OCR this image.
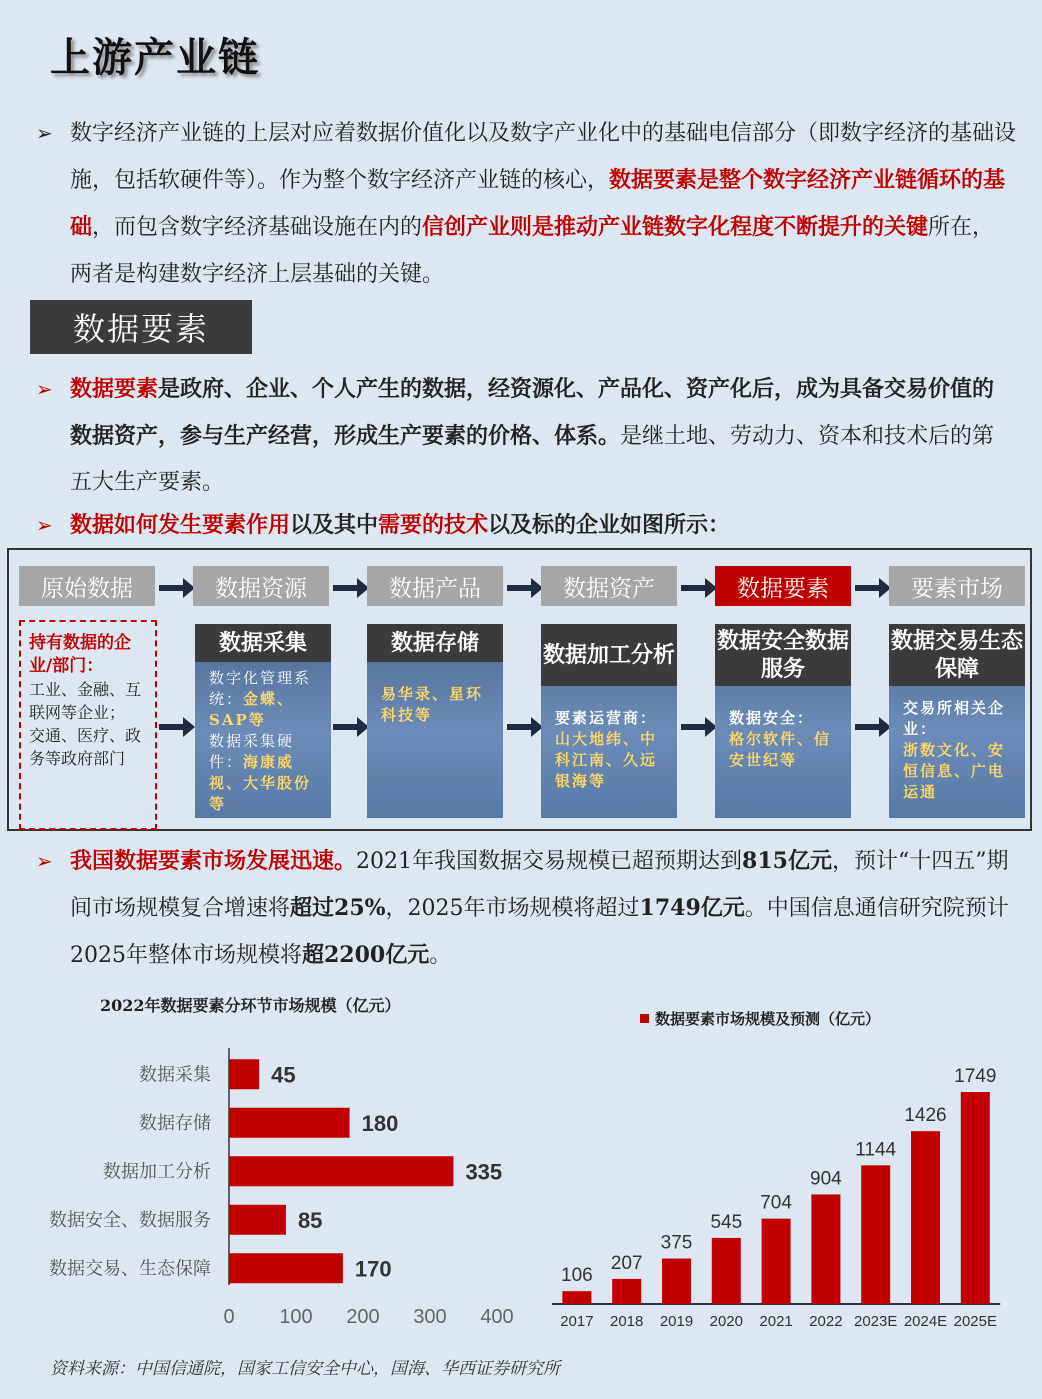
上游产业链
➢ 数字经济产业链的上层对应着数据价值化以及数字产业化中的基础电信部分（即数字经济的基础设施，包括软硬件等）。作为整个数字经济产业链的核心，数据要素是整个数字经济产业链循环的基础，而包含数字经济基础设施在内的信创产业则是推动产业链数字化程度不断提升的关键所在，两者是构建数字经济上层基础的关键。
数据要素
➢ 数据要素是政府、企业、个人产生的数据，经资源化、产品化、资产化后，成为具备交易价值的数据资产，参与生产经营，形成生产要素的价格、体系。是继土地、劳动力、资本和技术后的第五大生产要素。
➢ 数据如何发生要素作用以及其中需要的技术以及标的企业如图所示：
原始数据	数据资源	数据产品	数据资产	数据要素	要素市场
持有数据的企业/部门：
工业、金融、互联网等企业；
交通、医疗、政务等政府部门
数据采集
数字化管理系统：金蝶、SAP等
数据采集硬件：海康威视、大华股份等
数据存储
易华录、星环科技等
数据加工分析
要素运营商：
山大地纬、中科江南、久远银海等
数据安全数据服务
数据安全：
格尔软件、信安世纪等
数据交易生态保障
交易所相关企业：
浙数文化、安恒信息、广电运通
➢ 我国数据要素市场发展迅速。2021年我国数据交易规模已超预期达到815亿元，预计“十四五”期间市场规模复合增速将超过25%，2025年市场规模将超过1749亿元。中国信息通信研究院预计2025年整体市场规模将超2200亿元。
2022年数据要素分环节市场规模（亿元）
数据采集	45
数据存储	180
数据加工分析	335
数据安全、数据服务	85
数据交易、生态保障	170
0 100 200 300 400
数据要素市场规模及预测（亿元）
106
2017
207
2018
375
2019
545
2020
704
2021
904
2022
1144
2023E
1426
2024E
1749
2025E
资料来源：中国信通院，国家工信安全中心，国海、华西证券研究所
